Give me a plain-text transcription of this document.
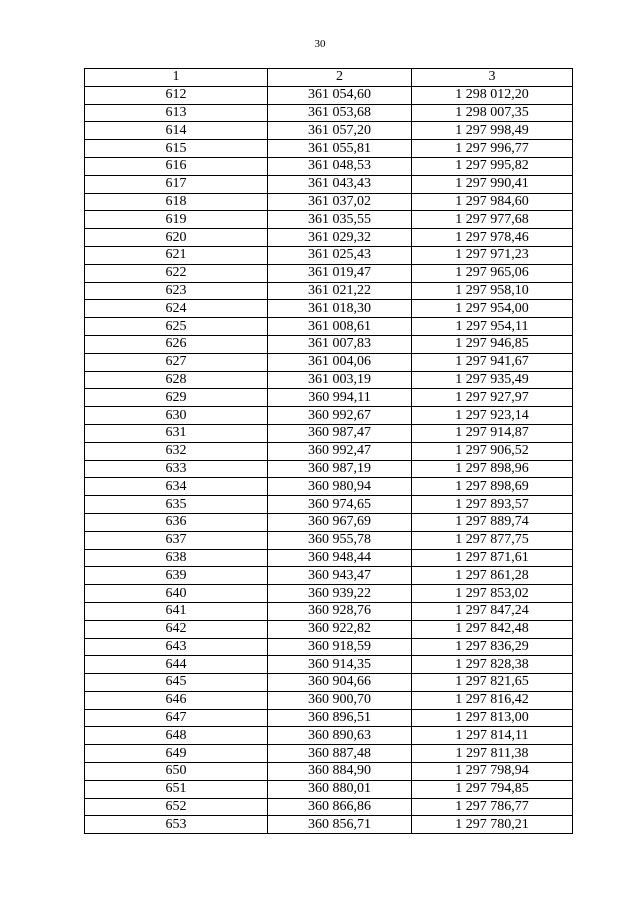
30
1	2	3
612	361 054,60	1 298 012,20
613	361 053,68	1 298 007,35
614	361 057,20	1 297 998,49
615	361 055,81	1 297 996,77
616	361 048,53	1 297 995,82
617	361 043,43	1 297 990,41
618	361 037,02	1 297 984,60
619	361 035,55	1 297 977,68
620	361 029,32	1 297 978,46
621	361 025,43	1 297 971,23
622	361 019,47	1 297 965,06
623	361 021,22	1 297 958,10
624	361 018,30	1 297 954,00
625	361 008,61	1 297 954,11
626	361 007,83	1 297 946,85
627	361 004,06	1 297 941,67
628	361 003,19	1 297 935,49
629	360 994,11	1 297 927,97
630	360 992,67	1 297 923,14
631	360 987,47	1 297 914,87
632	360 992,47	1 297 906,52
633	360 987,19	1 297 898,96
634	360 980,94	1 297 898,69
635	360 974,65	1 297 893,57
636	360 967,69	1 297 889,74
637	360 955,78	1 297 877,75
638	360 948,44	1 297 871,61
639	360 943,47	1 297 861,28
640	360 939,22	1 297 853,02
641	360 928,76	1 297 847,24
642	360 922,82	1 297 842,48
643	360 918,59	1 297 836,29
644	360 914,35	1 297 828,38
645	360 904,66	1 297 821,65
646	360 900,70	1 297 816,42
647	360 896,51	1 297 813,00
648	360 890,63	1 297 814,11
649	360 887,48	1 297 811,38
650	360 884,90	1 297 798,94
651	360 880,01	1 297 794,85
652	360 866,86	1 297 786,77
653	360 856,71	1 297 780,21
